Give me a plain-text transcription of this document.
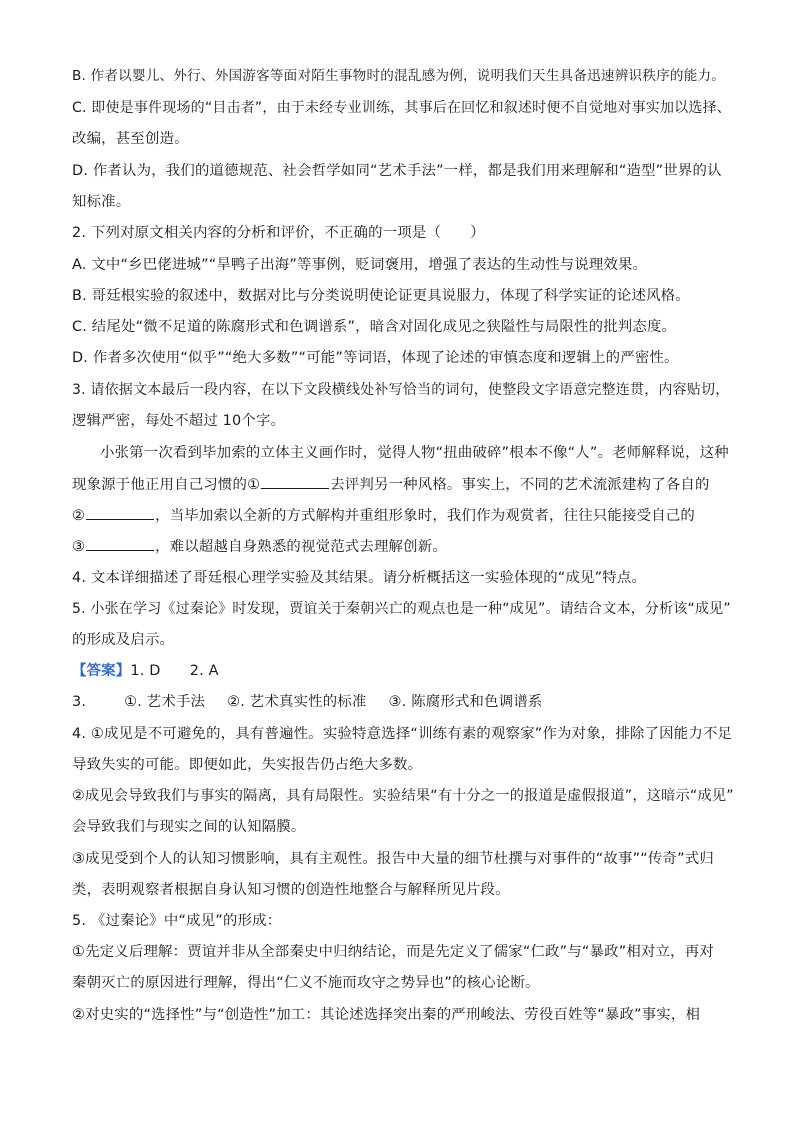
B. 作者以婴儿、外行、外国游客等面对陌生事物时的混乱感为例，说明我们天生具备迅速辨识秩序的能力。
C. 即使是事件现场的“目击者”，由于未经专业训练，其事后在回忆和叙述时便不自觉地对事实加以选择、
改编，甚至创造。
D. 作者认为，我们的道德规范、社会哲学如同“艺术手法”一样，都是我们用来理解和“造型”世界的认
知标准。
2. 下列对原文相关内容的分析和评价，不正确的一项是（　　）
A. 文中“乡巴佬进城”“旱鸭子出海”等事例，贬词褒用，增强了表达的生动性与说理效果。
B. 哥廷根实验的叙述中，数据对比与分类说明使论证更具说服力，体现了科学实证的论述风格。
C. 结尾处“微不足道的陈腐形式和色调谱系”，暗含对固化成见之狭隘性与局限性的批判态度。
D. 作者多次使用“似乎”“绝大多数”“可能”等词语，体现了论述的审慎态度和逻辑上的严密性。
3. 请依据文本最后一段内容，在以下文段横线处补写恰当的词句，使整段文字语意完整连贯，内容贴切，
逻辑严密，每处不超过 10个字。
小张第一次看到毕加索的立体主义画作时，觉得人物“扭曲破碎”根本不像“人”。老师解释说，这种
现象源于他正用自己习惯的①	去评判另一种风格。事实上，不同的艺术流派建构了各自的
②	，当毕加索以全新的方式解构并重组形象时，我们作为观赏者，往往只能接受自己的
③	，难以超越自身熟悉的视觉范式去理解创新。
4. 文本详细描述了哥廷根心理学实验及其结果。请分析概括这一实验体现的“成见”特点。
5. 小张在学习《过秦论》时发现，贾谊关于秦朝兴亡的观点也是一种“成见”。请结合文本，分析该“成见”
的形成及启示。
【答案】1. D　　2. A
3.	①. 艺术手法 ②. 艺术真实性的标准 ③. 陈腐形式和色调谱系
4. ①成见是不可避免的，具有普遍性。实验特意选择“训练有素的观察家”作为对象，排除了因能力不足
导致失实的可能。即便如此，失实报告仍占绝大多数。
②成见会导致我们与事实的隔离，具有局限性。实验结果“有十分之一的报道是虚假报道”，这暗示“成见”
会导致我们与现实之间的认知隔膜。
③成见受到个人的认知习惯影响，具有主观性。报告中大量的细节杜撰与对事件的“故事”“传奇”式归
类，表明观察者根据自身认知习惯的创造性地整合与解释所见片段。
5. 《过秦论》中“成见”的形成：
①先定义后理解：贾谊并非从全部秦史中归纳结论，而是先定义了儒家“仁政”与“暴政”相对立，再对
秦朝灭亡的原因进行理解，得出“仁义不施而攻守之势异也”的核心论断。
②对史实的“选择性”与“创造性”加工：其论述选择突出秦的严刑峻法、劳役百姓等“暴政”事实，相
